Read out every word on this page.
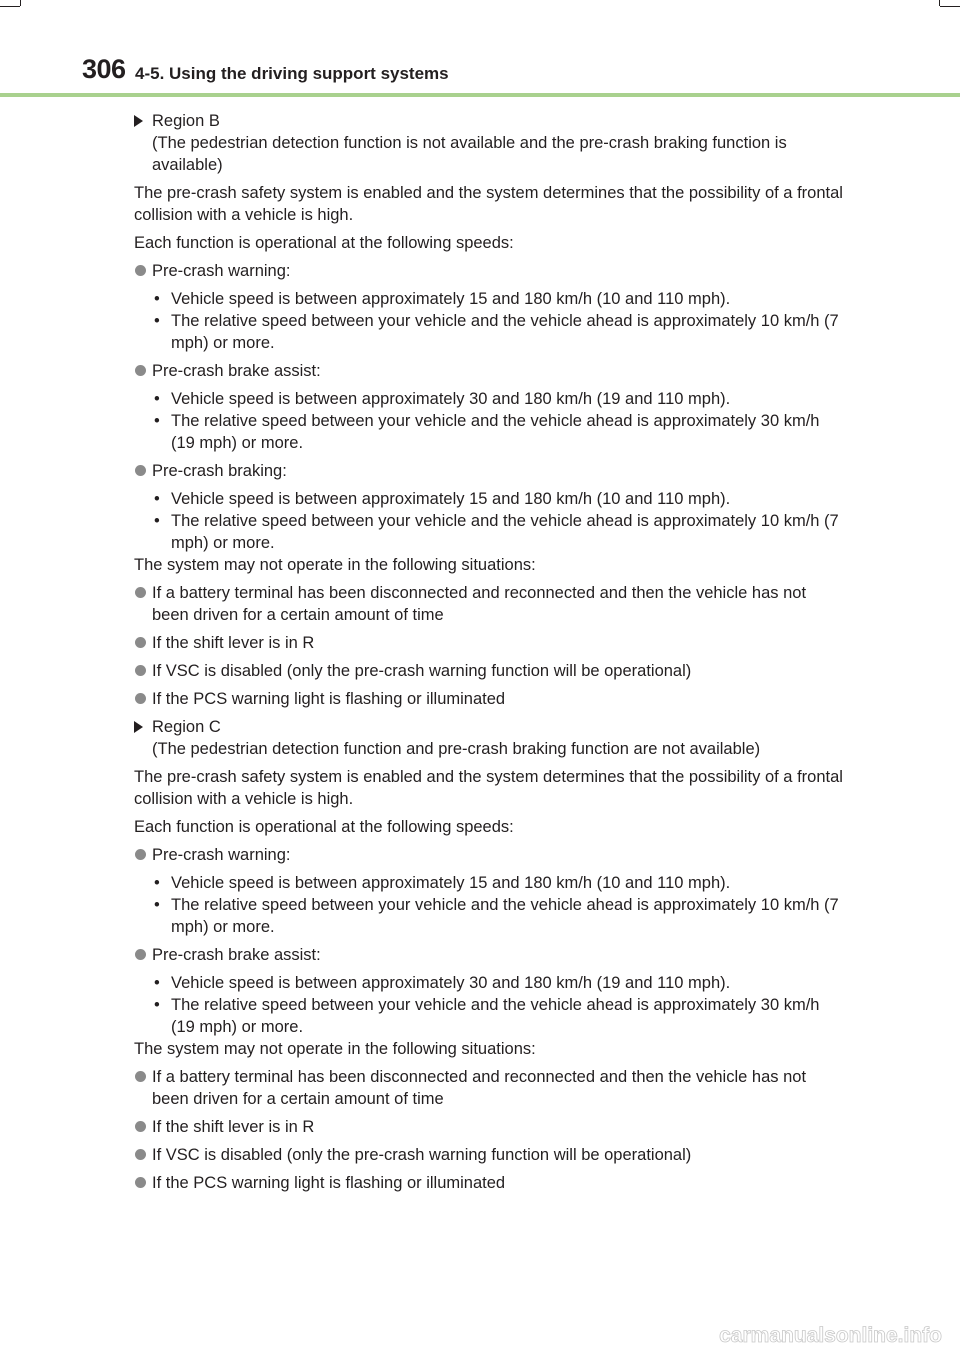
306 4-5. Using the driving support systems
Region B
(The pedestrian detection function is not available and the pre-crash braking function is available)
The pre-crash safety system is enabled and the system determines that the possibility of a frontal collision with a vehicle is high.
Each function is operational at the following speeds:
Pre-crash warning:
• Vehicle speed is between approximately 15 and 180 km/h (10 and 110 mph).
• The relative speed between your vehicle and the vehicle ahead is approximately 10 km/h (7 mph) or more.
Pre-crash brake assist:
• Vehicle speed is between approximately 30 and 180 km/h (19 and 110 mph).
• The relative speed between your vehicle and the vehicle ahead is approximately 30 km/h (19 mph) or more.
Pre-crash braking:
• Vehicle speed is between approximately 15 and 180 km/h (10 and 110 mph).
• The relative speed between your vehicle and the vehicle ahead is approximately 10 km/h (7 mph) or more.
The system may not operate in the following situations:
If a battery terminal has been disconnected and reconnected and then the vehicle has not been driven for a certain amount of time
If the shift lever is in R
If VSC is disabled (only the pre-crash warning function will be operational)
If the PCS warning light is flashing or illuminated
Region C
(The pedestrian detection function and pre-crash braking function are not available)
The pre-crash safety system is enabled and the system determines that the possibility of a frontal collision with a vehicle is high.
Each function is operational at the following speeds:
Pre-crash warning:
• Vehicle speed is between approximately 15 and 180 km/h (10 and 110 mph).
• The relative speed between your vehicle and the vehicle ahead is approximately 10 km/h (7 mph) or more.
Pre-crash brake assist:
• Vehicle speed is between approximately 30 and 180 km/h (19 and 110 mph).
• The relative speed between your vehicle and the vehicle ahead is approximately 30 km/h (19 mph) or more.
The system may not operate in the following situations:
If a battery terminal has been disconnected and reconnected and then the vehicle has not been driven for a certain amount of time
If the shift lever is in R
If VSC is disabled (only the pre-crash warning function will be operational)
If the PCS warning light is flashing or illuminated
carmanualsonline.info
